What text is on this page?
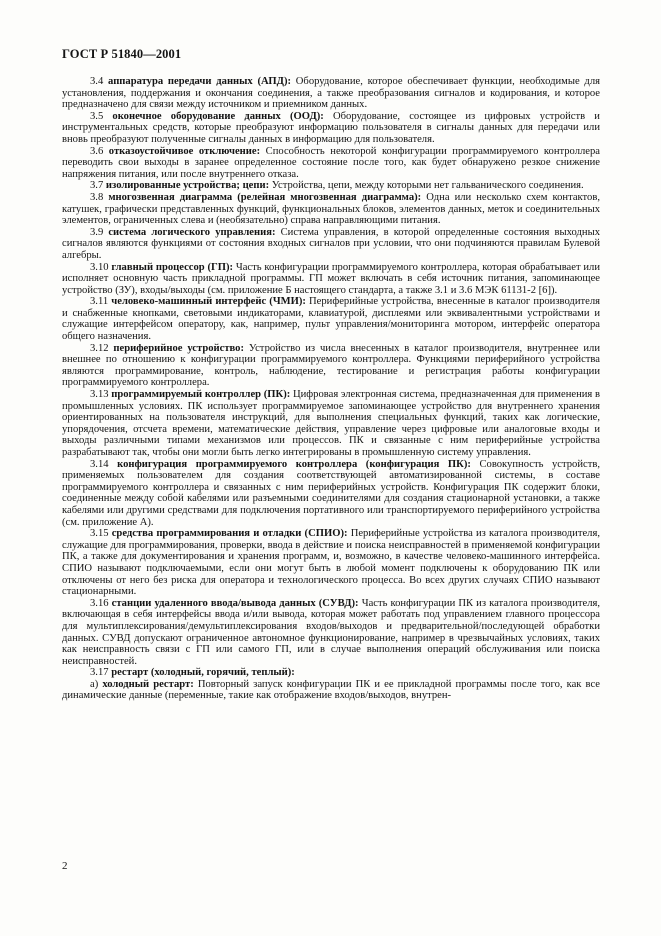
ГОСТ Р 51840—2001

3.4 аппаратура передачи данных (АПД): Оборудование, которое обеспечивает функции, необходимые для установления, поддержания и окончания соединения, а также преобразования сигналов и кодирования, и которое предназначено для связи между источником и приемником данных.

3.5 оконечное оборудование данных (ООД): Оборудование, состоящее из цифровых устройств и инструментальных средств, которые преобразуют информацию пользователя в сигналы данных для передачи или вновь преобразуют полученные сигналы данных в информацию для пользователя.

3.6 отказоустойчивое отключение: Способность некоторой конфигурации программируемого контроллера переводить свои выходы в заранее определенное состояние после того, как будет обнаружено резкое снижение напряжения питания, или после внутреннего отказа.

3.7 изолированные устройства; цепи: Устройства, цепи, между которыми нет гальванического соединения.

3.8 многозвенная диаграмма (релейная многозвенная диаграмма): Одна или несколько схем контактов, катушек, графически представленных функций, функциональных блоков, элементов данных, меток и соединительных элементов, ограниченных слева и (необязательно) справа направляющими питания.

3.9 система логического управления: Система управления, в которой определенные состояния выходных сигналов являются функциями от состояния входных сигналов при условии, что они подчиняются правилам Булевой алгебры.

3.10 главный процессор (ГП): Часть конфигурации программируемого контроллера, которая обрабатывает или исполняет основную часть прикладной программы. ГП может включать в себя источник питания, запоминающее устройство (ЗУ), входы/выходы (см. приложение Б настоящего стандарта, а также 3.1 и 3.6 МЭК 61131-2 [6]).

3.11 человеко-машинный интерфейс (ЧМИ): Периферийные устройства, внесенные в каталог производителя и снабженные кнопками, световыми индикаторами, клавиатурой, дисплеями или эквивалентными устройствами и служащие интерфейсом оператору, как, например, пульт управления/мониторинга мотором, интерфейс оператора общего назначения.

3.12 периферийное устройство: Устройство из числа внесенных в каталог производителя, внутреннее или внешнее по отношению к конфигурации программируемого контроллера. Функциями периферийного устройства являются программирование, контроль, наблюдение, тестирование и регистрация работы конфигурации программируемого контроллера.

3.13 программируемый контроллер (ПК): Цифровая электронная система, предназначенная для применения в промышленных условиях. ПК использует программируемое запоминающее устройство для внутреннего хранения ориентированных на пользователя инструкций, для выполнения специальных функций, таких как логические, упорядочения, отсчета времени, математические действия, управление через цифровые или аналоговые входы и выходы различными типами механизмов или процессов. ПК и связанные с ним периферийные устройства разрабатывают так, чтобы они могли быть легко интегрированы в промышленную систему управления.

3.14 конфигурация программируемого контроллера (конфигурация ПК): Совокупность устройств, применяемых пользователем для создания соответствующей автоматизированной системы, в составе программируемого контроллера и связанных с ним периферийных устройств. Конфигурация ПК содержит блоки, соединенные между собой кабелями или разъемными соединителями для создания стационарной установки, а также кабелями или другими средствами для подключения портативного или транспортируемого периферийного устройства (см. приложение А).

3.15 средства программирования и отладки (СПИО): Периферийные устройства из каталога производителя, служащие для программирования, проверки, ввода в действие и поиска неисправностей в применяемой конфигурации ПК, а также для документирования и хранения программ, и, возможно, в качестве человеко-машинного интерфейса. СПИО называют подключаемыми, если они могут быть в любой момент подключены к оборудованию ПК или отключены от него без риска для оператора и технологического процесса. Во всех других случаях СПИО называют стационарными.

3.16 станции удаленного ввода/вывода данных (СУВД): Часть конфигурации ПК из каталога производителя, включающая в себя интерфейсы ввода и/или вывода, которая может работать под управлением главного процессора для мультиплексирования/демультиплексирования входов/выходов и предварительной/последующей обработки данных. СУВД допускают ограниченное автономное функционирование, например в чрезвычайных условиях, таких как неисправность связи с ГП или самого ГП, или в случае выполнения операций обслуживания или поиска неисправностей.

3.17 рестарт (холодный, горячий, теплый):

а) холодный рестарт: Повторный запуск конфигурации ПК и ее прикладной программы после того, как все динамические данные (переменные, такие как отображение входов/выходов, внутрен-

2
